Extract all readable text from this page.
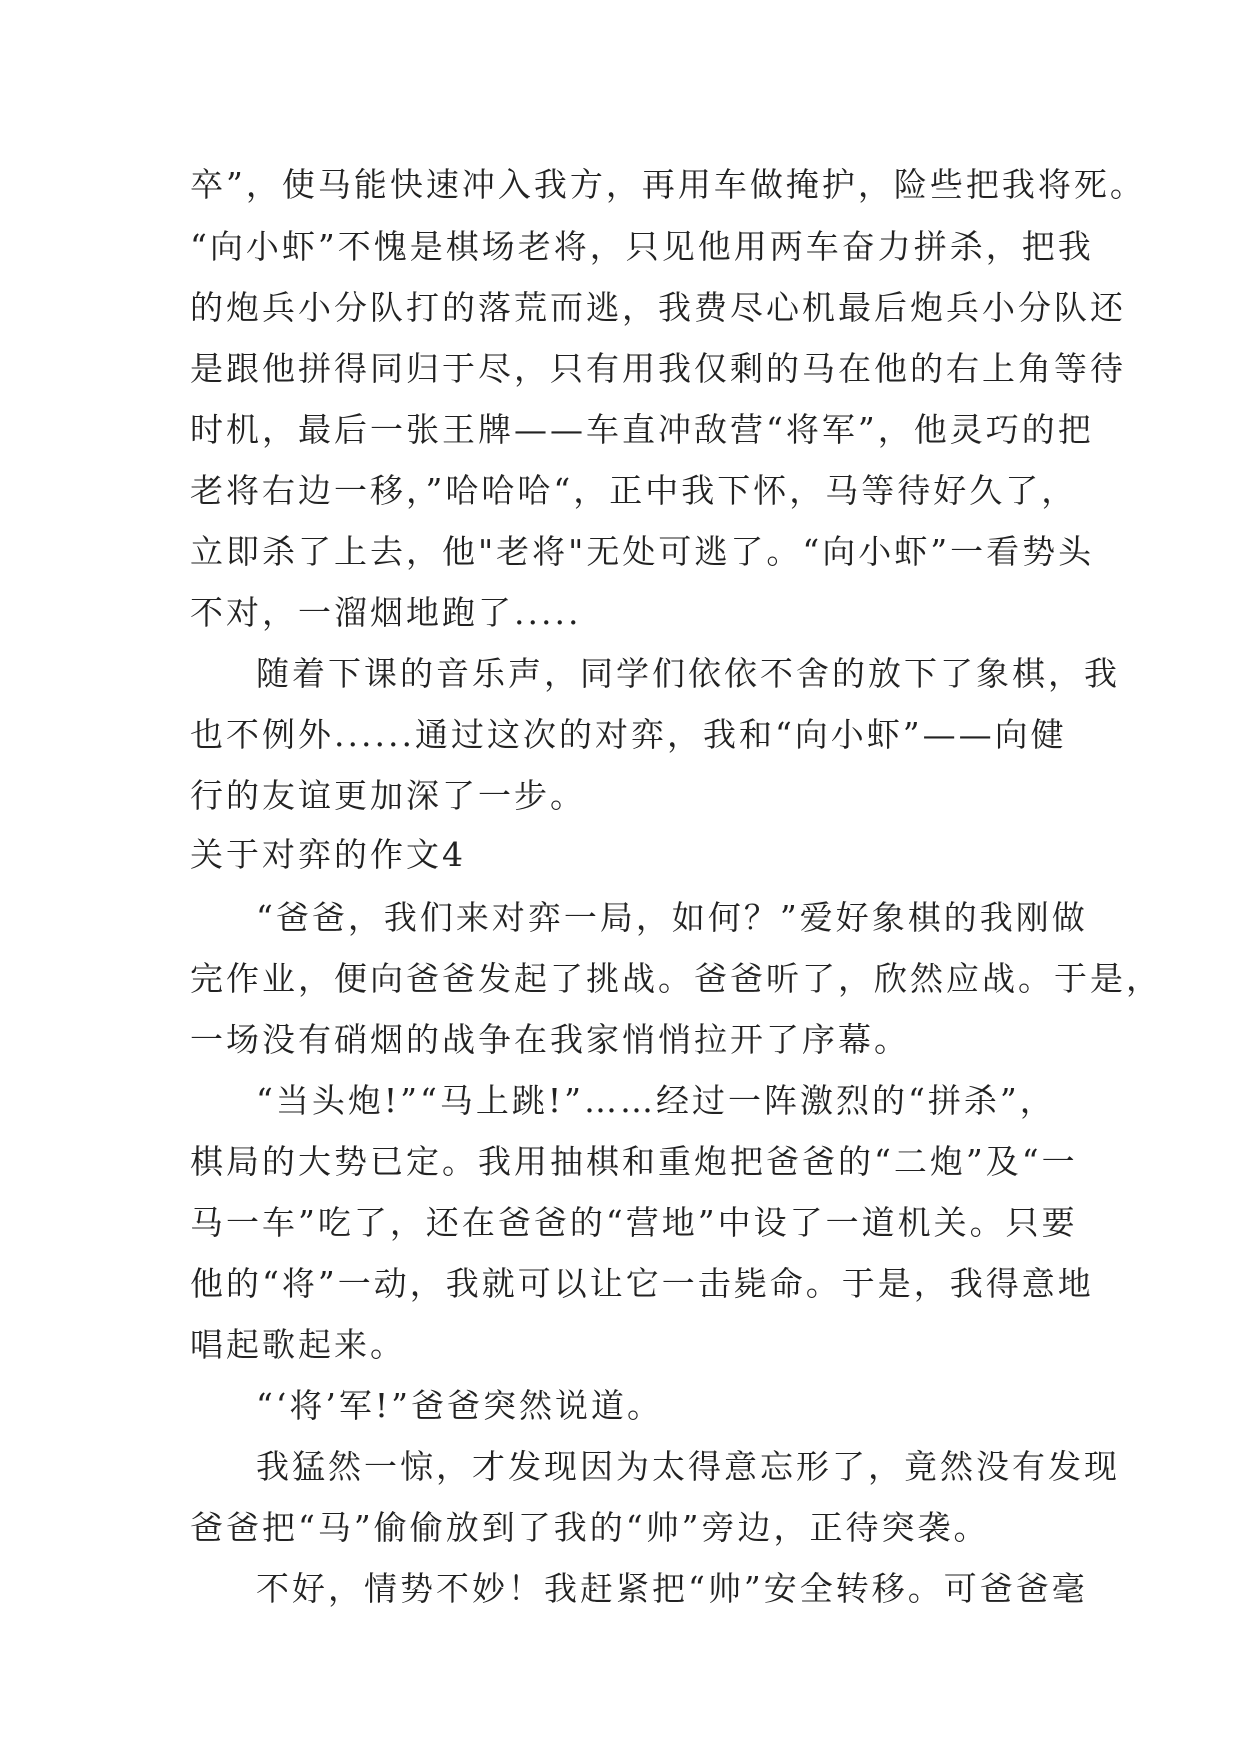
卒”，使马能快速冲入我方，再用车做掩护，险些把我将死。
“向小虾”不愧是棋场老将，只见他用两车奋力拼杀，把我
的炮兵小分队打的落荒而逃，我费尽心机最后炮兵小分队还
是跟他拼得同归于尽，只有用我仅剩的马在他的右上角等待
时机，最后一张王牌——车直冲敌营“将军”，他灵巧的把
老将右边一移，”哈哈哈“，正中我下怀，马等待好久了，
立即杀了上去，他"老将"无处可逃了。“向小虾”一看势头
不对，一溜烟地跑了.....
随着下课的音乐声，同学们依依不舍的放下了象棋，我
也不例外......通过这次的对弈，我和“向小虾”——向健
行的友谊更加深了一步。
关于对弈的作文4
“爸爸，我们来对弈一局，如何？”爱好象棋的我刚做
完作业，便向爸爸发起了挑战。爸爸听了，欣然应战。于是，
一场没有硝烟的战争在我家悄悄拉开了序幕。
“当头炮!”“马上跳!”……经过一阵激烈的“拼杀”，
棋局的大势已定。我用抽棋和重炮把爸爸的“二炮”及“一
马一车”吃了，还在爸爸的“营地”中设了一道机关。只要
他的“将”一动，我就可以让它一击毙命。于是，我得意地
唱起歌起来。
“‘将’军!”爸爸突然说道。
我猛然一惊，才发现因为太得意忘形了，竟然没有发现
爸爸把“马”偷偷放到了我的“帅”旁边，正待突袭。
不好，情势不妙！我赶紧把“帅”安全转移。可爸爸毫
